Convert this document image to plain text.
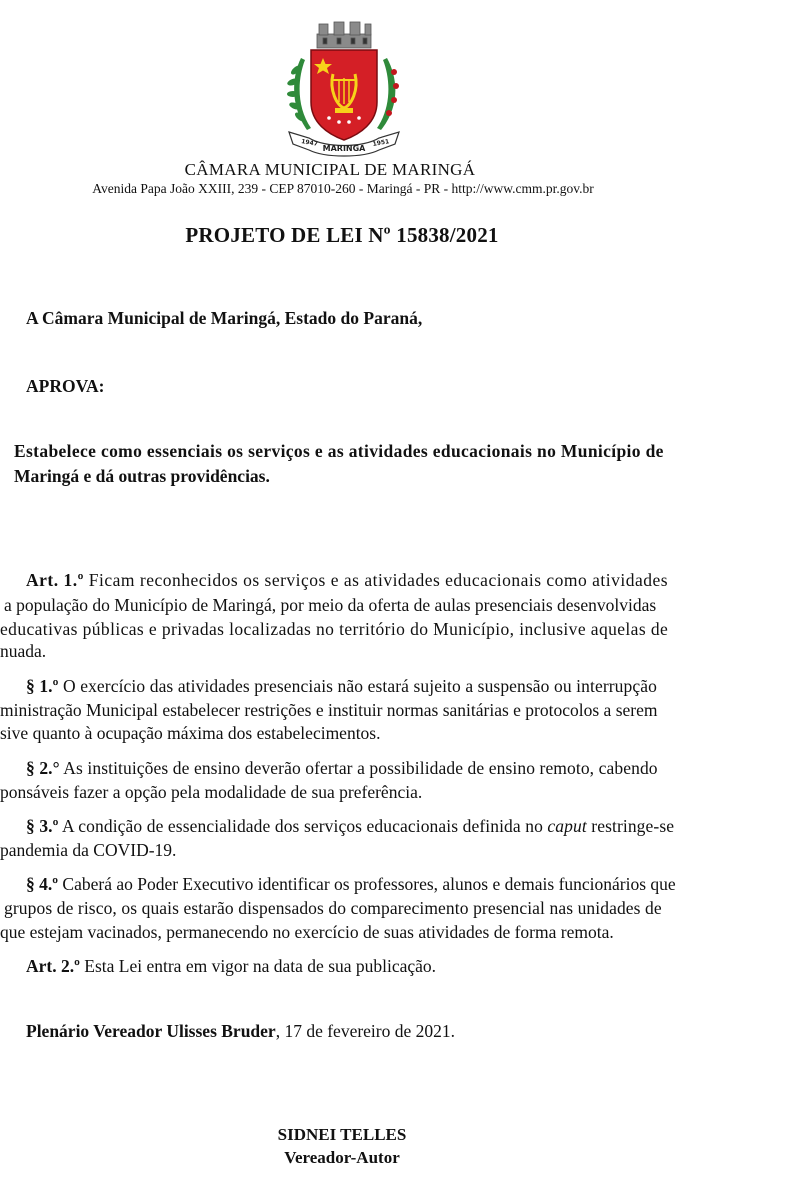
1947
MARINGÁ
1951
CÂMARA MUNICIPAL DE MARINGÁ
Avenida Papa João XXIII, 239 - CEP 87010-260 - Maringá - PR - http://www.cmm.pr.gov.br
PROJETO DE LEI Nº 15838/2021
A Câmara Municipal de Maringá, Estado do Paraná,
APROVA:
Estabelece como essenciais os serviços e as atividades educacionais no Município de
Maringá e dá outras providências.
Art. 1.º Ficam reconhecidos os serviços e as atividades educacionais como atividades
a população do Município de Maringá, por meio da oferta de aulas presenciais desenvolvidas
educativas públicas e privadas localizadas no território do Município, inclusive aquelas de
nuada.
§ 1.º O exercício das atividades presenciais não estará sujeito a suspensão ou interrupção
ministração Municipal estabelecer restrições e instituir normas sanitárias e protocolos a serem
sive quanto à ocupação máxima dos estabelecimentos.
§ 2.° As instituições de ensino deverão ofertar a possibilidade de ensino remoto, cabendo
ponsáveis fazer a opção pela modalidade de sua preferência.
§ 3.º A condição de essencialidade dos serviços educacionais definida no caput restringe-se
pandemia da COVID-19.
§ 4.º Caberá ao Poder Executivo identificar os professores, alunos e demais funcionários que
grupos de risco, os quais estarão dispensados do comparecimento presencial nas unidades de
que estejam vacinados, permanecendo no exercício de suas atividades de forma remota.
Art. 2.º Esta Lei entra em vigor na data de sua publicação.
Plenário Vereador Ulisses Bruder, 17 de fevereiro de 2021.
SIDNEI TELLES
Vereador-Autor
